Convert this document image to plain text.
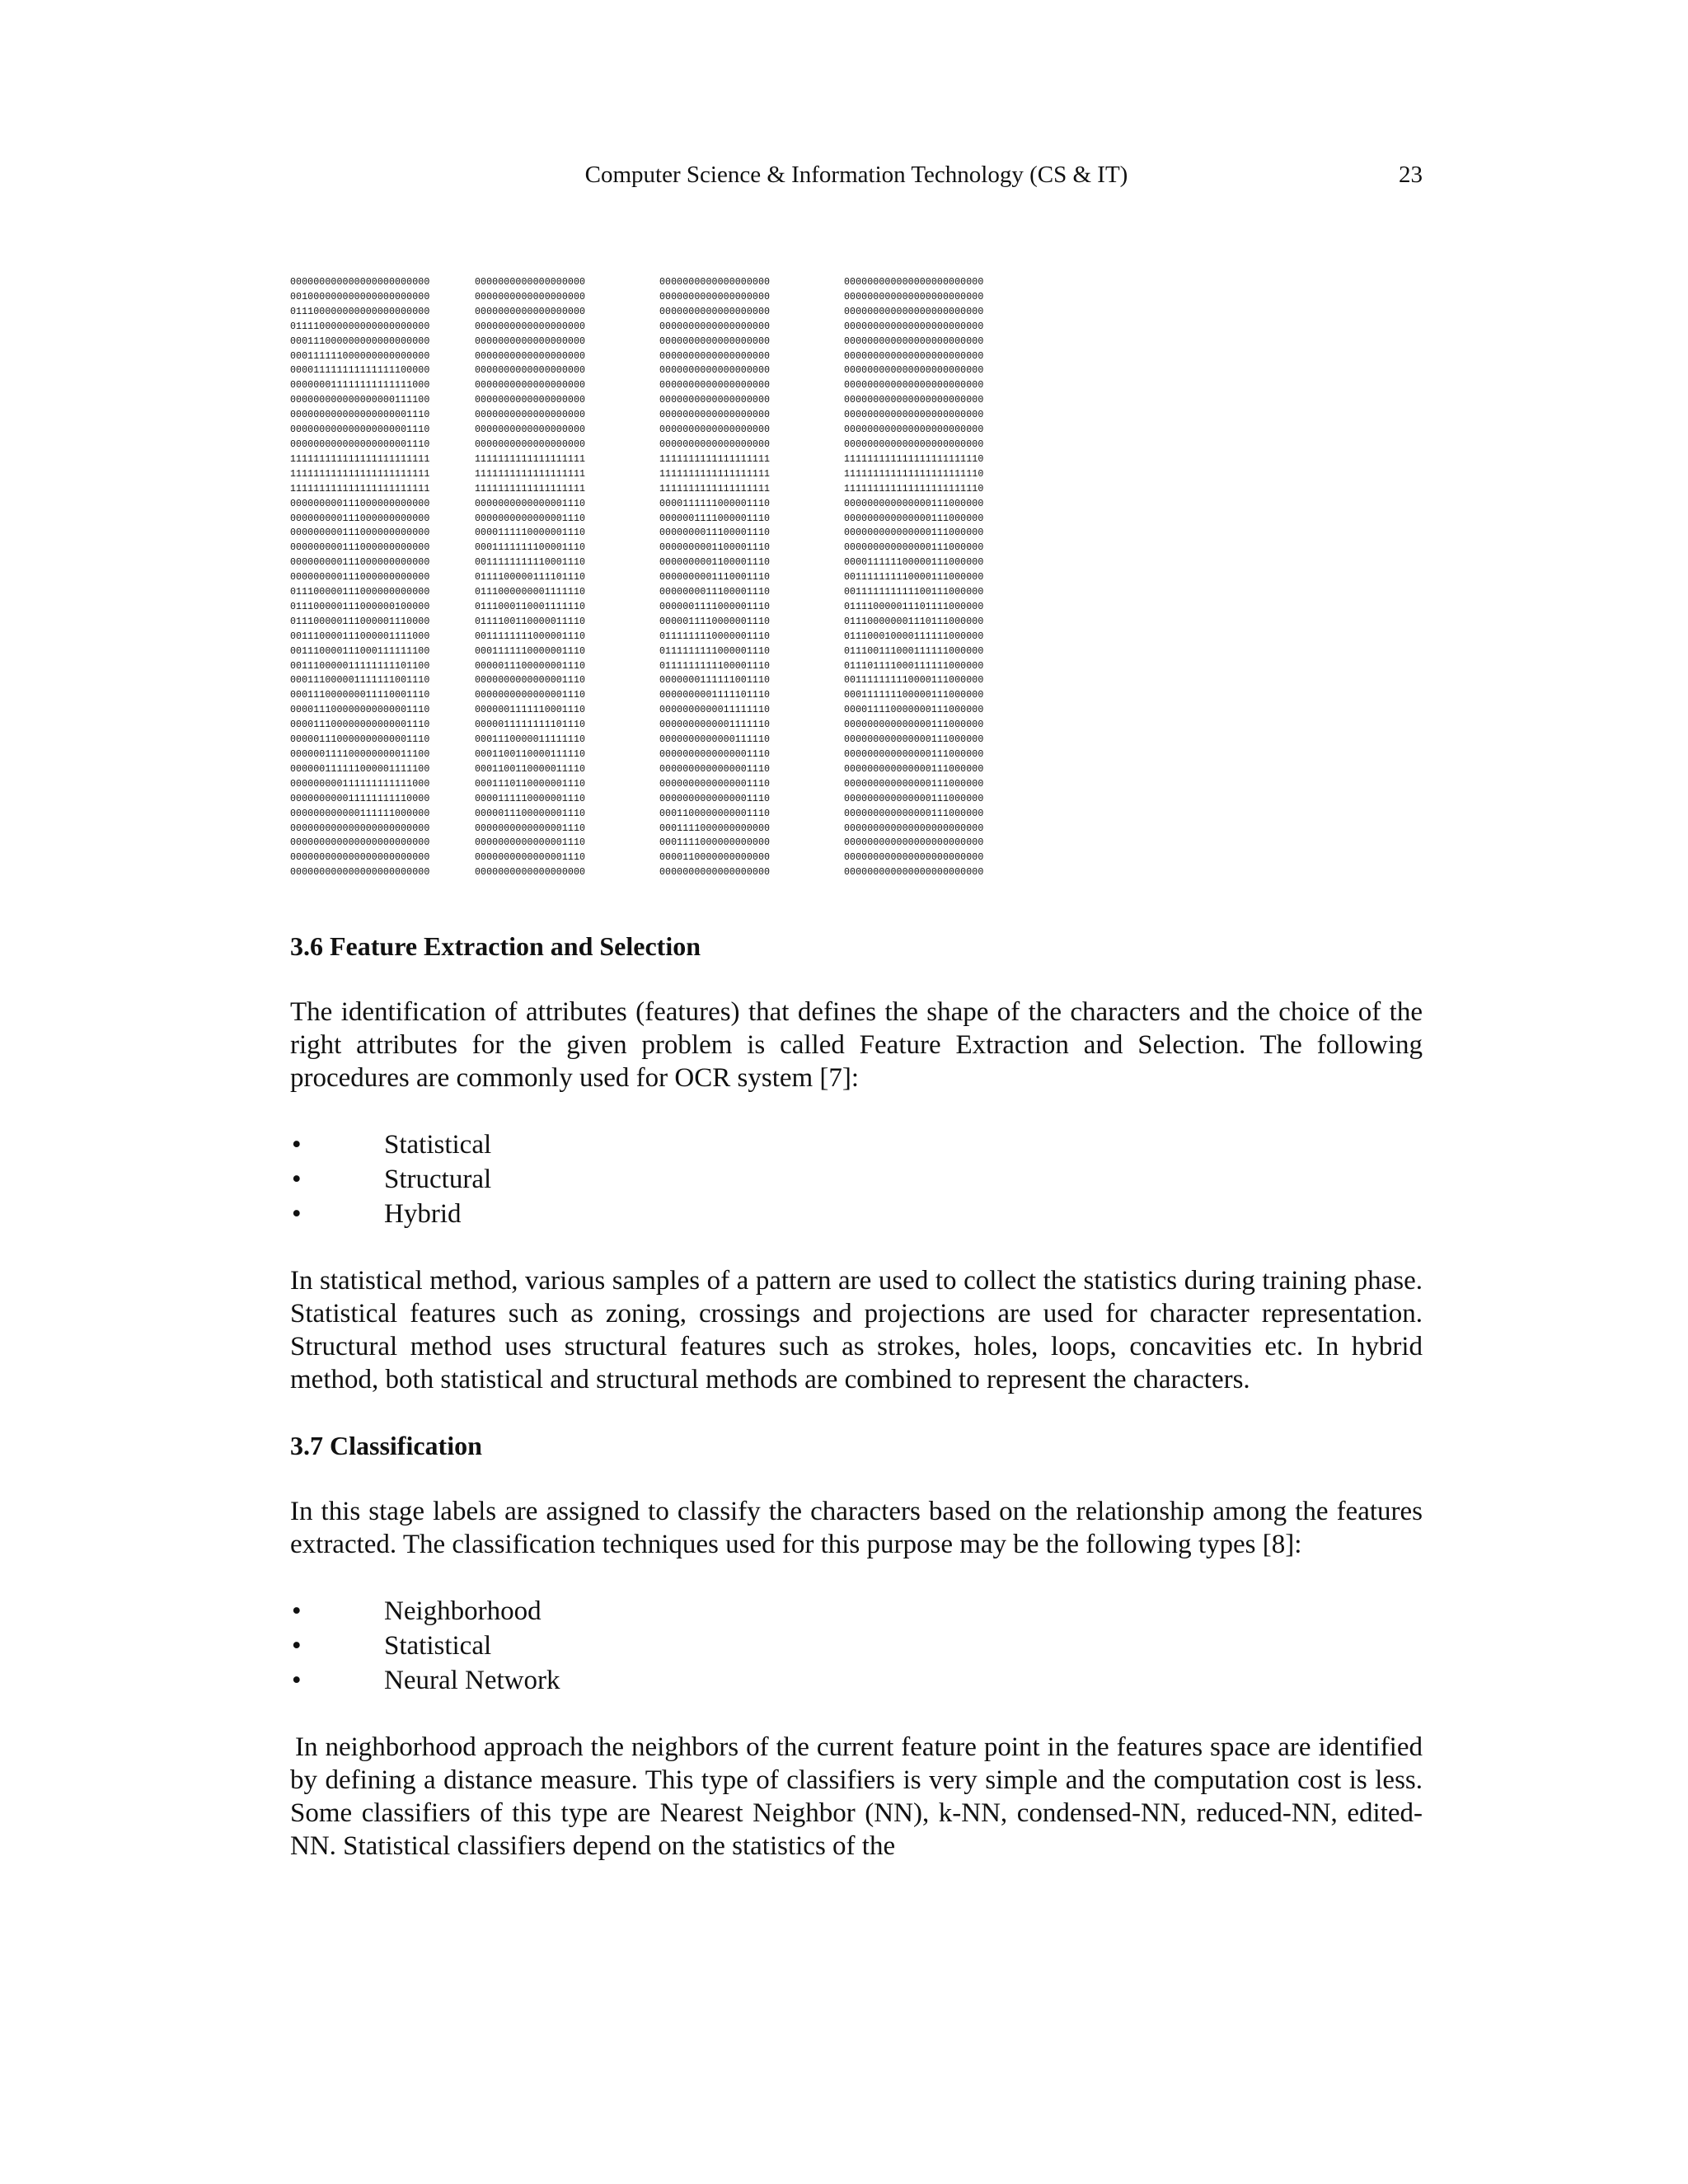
Computer Science & Information Technology (CS & IT)	23
000000000000000000000000
001000000000000000000000
011100000000000000000000
011110000000000000000000
000111000000000000000000
000111111000000000000000
000011111111111111100000
000000011111111111111000
000000000000000000111100
000000000000000000001110
000000000000000000001110
000000000000000000001110
111111111111111111111111
111111111111111111111111
111111111111111111111111
000000000111000000000000
000000000111000000000000
000000000111000000000000
000000000111000000000000
000000000111000000000000
000000000111000000000000
011100000111000000000000
011100000111000000100000
011100000111000001110000
001110000111000001111000
001110000111000111111100
001110000011111111101100
000111000001111111001110
000111000000011110001110
000011100000000000001110
000011100000000000001110
000001110000000000001110
000000111100000000011100
000000111111000001111100
000000000111111111111000
000000000011111111110000
000000000000111111000000
000000000000000000000000
000000000000000000000000
000000000000000000000000
000000000000000000000000
0000000000000000000
0000000000000000000
0000000000000000000
0000000000000000000
0000000000000000000
0000000000000000000
0000000000000000000
0000000000000000000
0000000000000000000
0000000000000000000
0000000000000000000
0000000000000000000
1111111111111111111
1111111111111111111
1111111111111111111
0000000000000001110
0000000000000001110
0000111110000001110
0001111111100001110
0011111111110001110
0111100000111101110
0111000000001111110
0111000110001111110
0111100110000011110
0011111111000001110
0001111110000001110
0000011100000001110
0000000000000001110
0000000000000001110
0000001111110001110
0000011111111101110
0001110000011111110
0001100110000111110
0001100110000011110
0001110110000001110
0000111110000001110
0000011100000001110
0000000000000001110
0000000000000001110
0000000000000001110
0000000000000000000
0000000000000000000
0000000000000000000
0000000000000000000
0000000000000000000
0000000000000000000
0000000000000000000
0000000000000000000
0000000000000000000
0000000000000000000
0000000000000000000
0000000000000000000
0000000000000000000
1111111111111111111
1111111111111111111
1111111111111111111
0000111111000001110
0000001111000001110
0000000011100001110
0000000001100001110
0000000001100001110
0000000001110001110
0000000011100001110
0000001111000001110
0000011110000001110
0111111110000001110
0111111111000001110
0111111111100001110
0000000111111001110
0000000001111101110
0000000000011111110
0000000000001111110
0000000000000111110
0000000000000001110
0000000000000001110
0000000000000001110
0000000000000001110
0001100000000001110
0001111000000000000
0001111000000000000
0000110000000000000
0000000000000000000
000000000000000000000000
000000000000000000000000
000000000000000000000000
000000000000000000000000
000000000000000000000000
000000000000000000000000
000000000000000000000000
000000000000000000000000
000000000000000000000000
000000000000000000000000
000000000000000000000000
000000000000000000000000
111111111111111111111110
111111111111111111111110
111111111111111111111110
000000000000000111000000
000000000000000111000000
000000000000000111000000
000000000000000111000000
000011111100000111000000
001111111110000111000000
001111111111100111000000
011110000011101111000000
011100000001110111000000
011100010000111111000000
011100111000111111000000
011101111000111111000000
001111111110000111000000
000111111100000111000000
000011110000000111000000
000000000000000111000000
000000000000000111000000
000000000000000111000000
000000000000000111000000
000000000000000111000000
000000000000000111000000
000000000000000111000000
000000000000000000000000
000000000000000000000000
000000000000000000000000
000000000000000000000000
3.6 Feature Extraction and Selection

The identification of attributes (features) that defines the shape of the characters and the choice of the right attributes for the given problem is called Feature Extraction and Selection. The following procedures are commonly used for OCR system [7]:

• Statistical
• Structural
• Hybrid

In statistical method, various samples of a pattern are used to collect the statistics during training phase. Statistical features such as zoning, crossings and projections are used for character representation. Structural method uses structural features such as strokes, holes, loops, concavities etc. In hybrid method, both statistical and structural methods are combined to represent the characters.

3.7 Classification

In this stage labels are assigned to classify the characters based on the relationship among the features extracted. The classification techniques used for this purpose may be the following types [8]:

• Neighborhood
• Statistical
• Neural Network

In neighborhood approach the neighbors of the current feature point in the features space are identified by defining a distance measure. This type of classifiers is very simple and the computation cost is less. Some classifiers of this type are Nearest Neighbor (NN), k-NN, condensed-NN, reduced-NN, edited-NN. Statistical classifiers depend on the statistics of the
